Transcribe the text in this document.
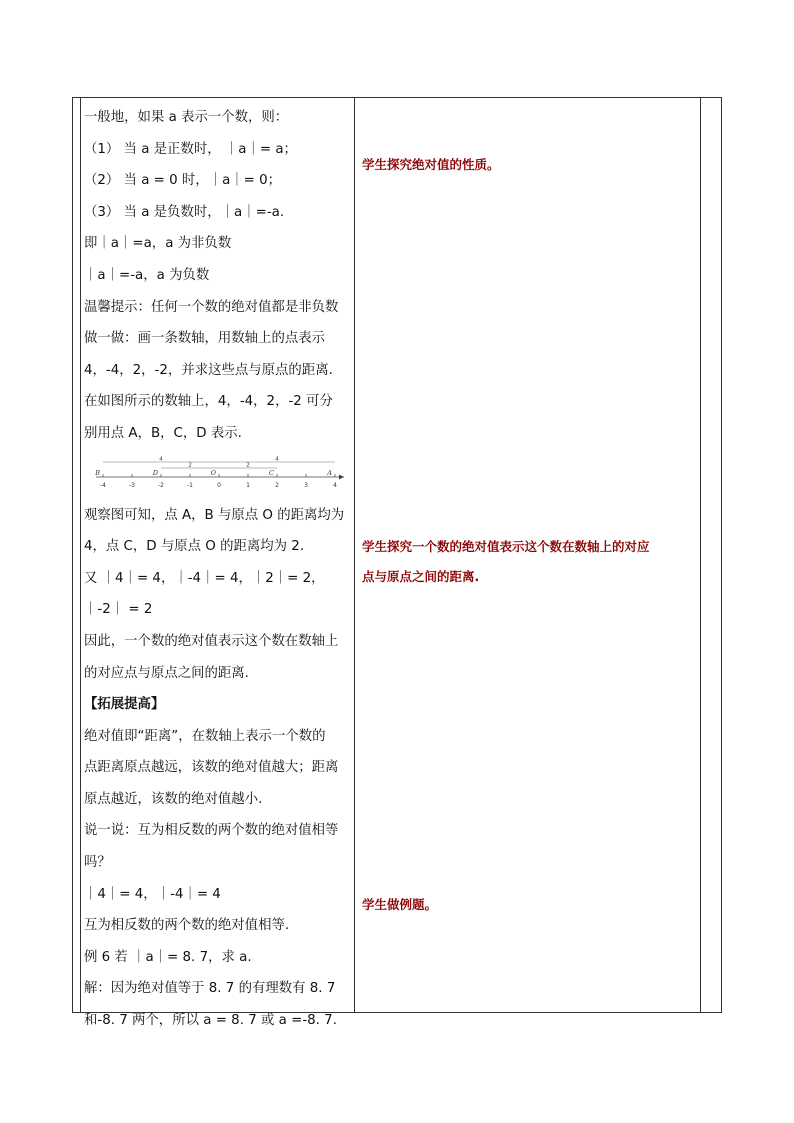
一般地，如果 a 表示一个数，则：
（1） 当 a 是正数时， ｜a｜= a；
（2） 当 a = 0 时，｜a｜= 0；
（3） 当 a 是负数时，｜a｜=-a.
即｜a｜=a，a 为非负数
｜a｜=-a，a 为负数
温馨提示：任何一个数的绝对值都是非负数
做一做：画一条数轴，用数轴上的点表示
4，-4，2，-2，并求这些点与原点的距离.
在如图所示的数轴上，4，-4，2，-2 可分
别用点 A，B，C，D 表示.
-4	-3	-2	-1	0	1	2	3	4
B	D	O	C	A
4
2	2
4
观察图可知，点 A，B 与原点 O 的距离均为
4，点 C，D 与原点 O 的距离均为 2.
又 ｜4｜= 4，｜-4｜= 4，｜2｜= 2，
｜-2｜ = 2
因此，一个数的绝对值表示这个数在数轴上
的对应点与原点之间的距离.
【拓展提高】
绝对值即“距离”，在数轴上表示一个数的
点距离原点越远，该数的绝对值越大；距离
原点越近，该数的绝对值越小.
说一说：互为相反数的两个数的绝对值相等
吗？
｜4｜= 4，｜-4｜= 4
互为相反数的两个数的绝对值相等.
例 6 若 ｜a｜= 8. 7，求 a.
解：因为绝对值等于 8. 7 的有理数有 8. 7
和-8. 7 两个，所以 a = 8. 7 或 a =-8. 7.
学生探究绝对值的性质。
学生探究一个数的绝对值表示这个数在数轴上的对应
点与原点之间的距离.
学生做例题。
